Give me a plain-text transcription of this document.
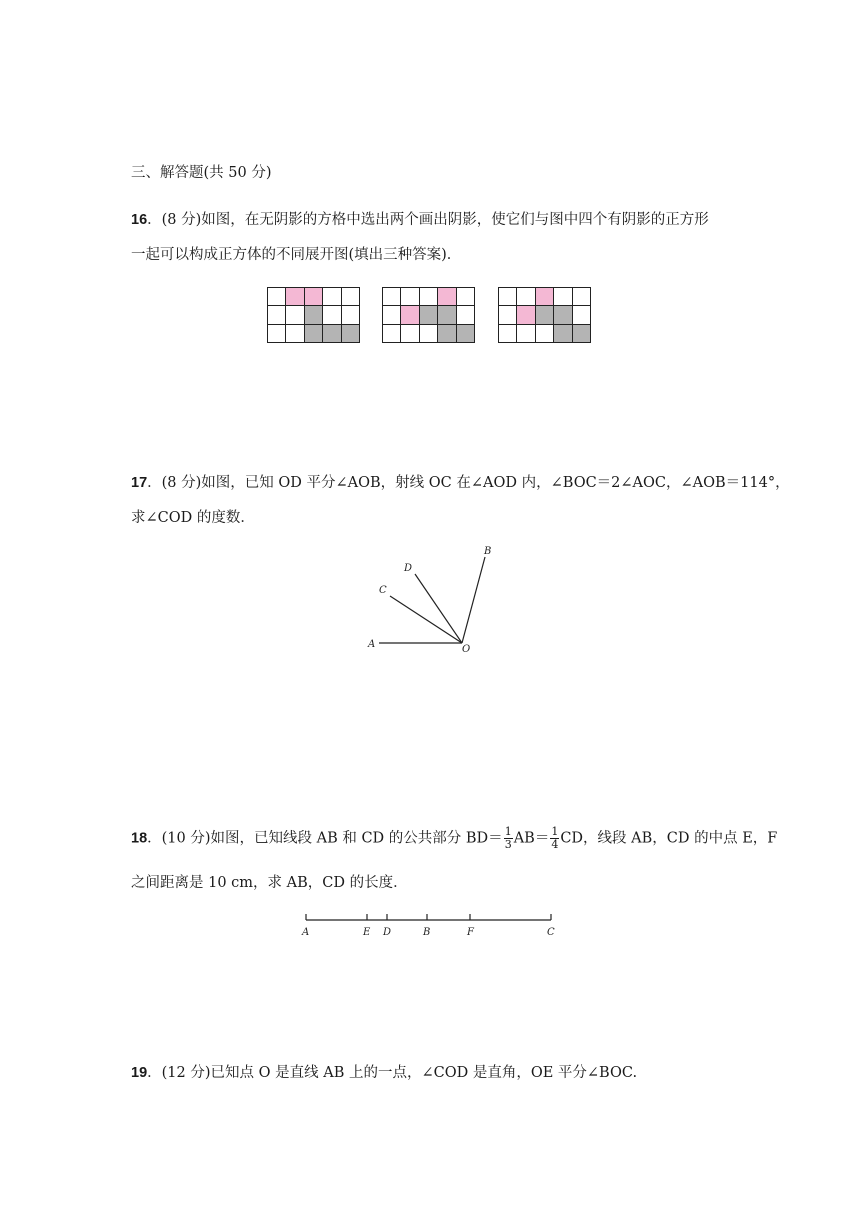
三、解答题(共 50 分)
16．(8 分)如图，在无阴影的方格中选出两个画出阴影，使它们与图中四个有阴影的正方形
一起可以构成正方体的不同展开图(填出三种答案)．
17．(8 分)如图，已知 OD 平分∠AOB，射线 OC 在∠AOD 内，∠BOC＝2∠AOC，∠AOB＝114°，
求∠COD 的度数．
A
B
C
D
O
18．(10 分)如图，已知线段 AB 和 CD 的公共部分 $BD= \frac{1}{3} AB= \frac{1}{4}$ CD，线段 AB，CD 的中点 E，F
之间距离是 10 cm，求 AB，CD 的长度．
A	E D	B	F	C
19．(12 分)已知点 O 是直线 AB 上的一点，∠COD 是直角，OE 平分∠BOC.
